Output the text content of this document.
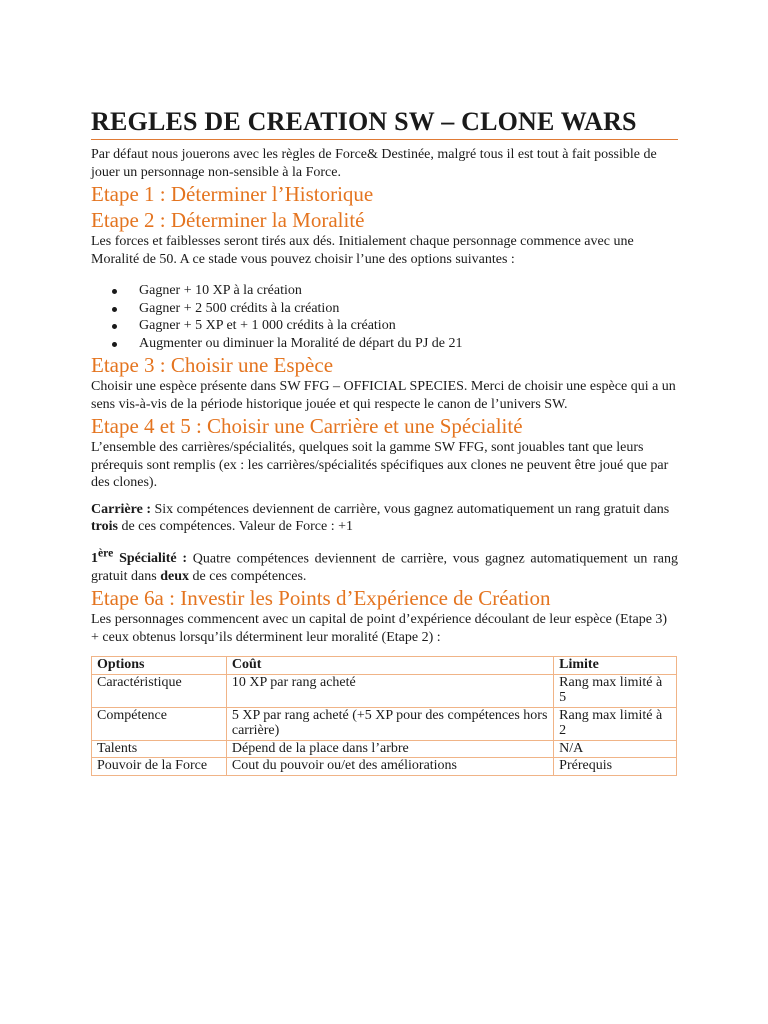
REGLES DE CREATION SW – CLONE WARS

Par défaut nous jouerons avec les règles de Force& Destinée, malgré tous il est tout à fait possible de jouer un personnage non-sensible à la Force.

Etape 1 : Déterminer l’Historique
Etape 2 : Déterminer la Moralité

Les forces et faiblesses seront tirés aux dés. Initialement chaque personnage commence avec une Moralité de 50. A ce stade vous pouvez choisir l’une des options suivantes :

Gagner + 10 XP à la création
Gagner + 2 500 crédits à la création
Gagner + 5 XP et + 1 000 crédits à la création
Augmenter ou diminuer la Moralité de départ du PJ de 21
Etape 3 : Choisir une Espèce

Choisir une espèce présente dans SW FFG – OFFICIAL SPECIES. Merci de choisir une espèce qui a un sens vis-à-vis de la période historique jouée et qui respecte le canon de l’univers SW.

Etape 4 et 5 : Choisir une Carrière et une Spécialité

L’ensemble des carrières/spécialités, quelques soit la gamme SW FFG, sont jouables tant que leurs prérequis sont remplis (ex : les carrières/spécialités spécifiques aux clones ne peuvent être joué que par des clones).

Carrière : Six compétences deviennent de carrière, vous gagnez automatiquement un rang gratuit dans trois de ces compétences. Valeur de Force : +1

1ère Spécialité : Quatre compétences deviennent de carrière, vous gagnez automatiquement un rang gratuit dans deux de ces compétences.

Etape 6a : Investir les Points d’Expérience de Création

Les personnages commencent avec un capital de point d’expérience découlant de leur espèce (Etape 3) + ceux obtenus lorsqu’ils déterminent leur moralité (Etape 2) :

Options	Coût	Limite
Caractéristique	10 XP par rang acheté	Rang max limité à 5
Compétence	5 XP par rang acheté (+5 XP pour des compétences hors carrière)	Rang max limité à 2
Talents	Dépend de la place dans l’arbre	N/A
Pouvoir de la Force	Cout du pouvoir ou/et des améliorations	Prérequis
